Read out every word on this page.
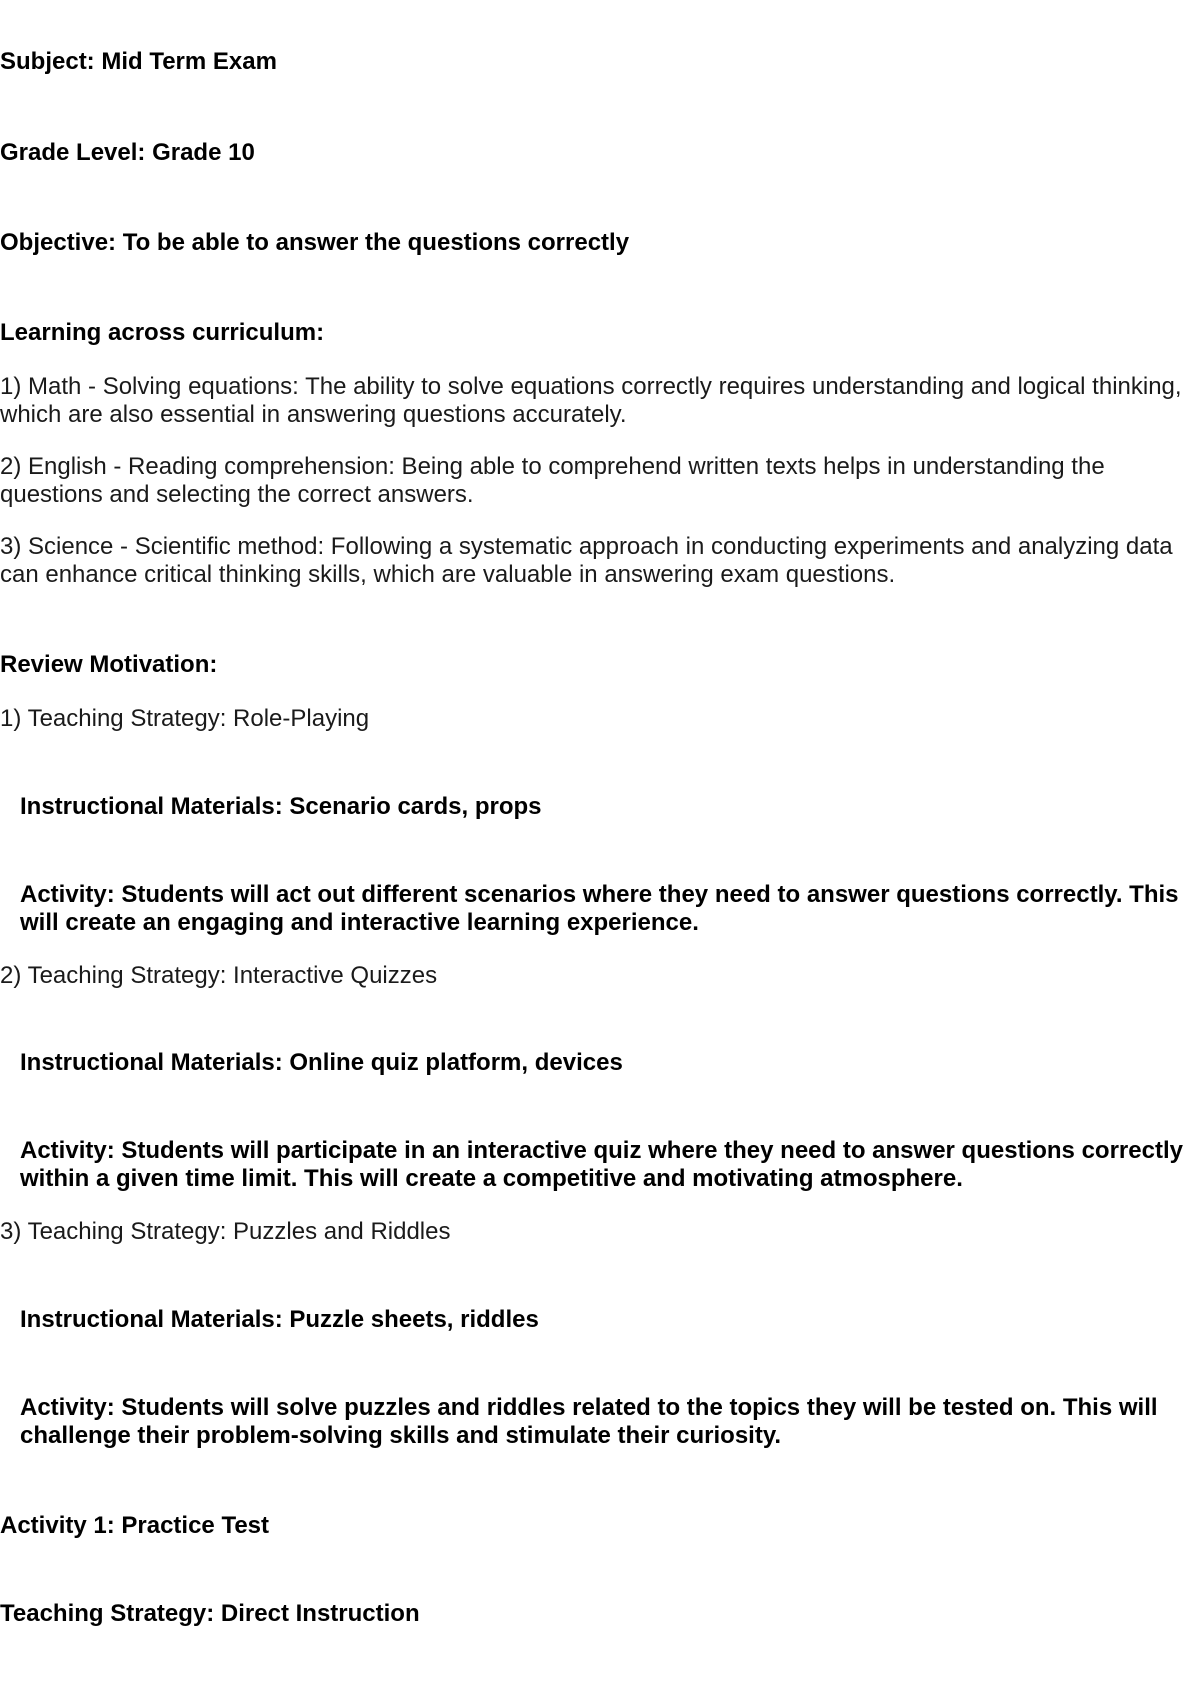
Subject: Mid Term Exam
Grade Level: Grade 10
Objective: To be able to answer the questions correctly
Learning across curriculum:
1) Math - Solving equations: The ability to solve equations correctly requires understanding and logical thinking, which are also essential in answering questions accurately.
2) English - Reading comprehension: Being able to comprehend written texts helps in understanding the questions and selecting the correct answers.
3) Science - Scientific method: Following a systematic approach in conducting experiments and analyzing data can enhance critical thinking skills, which are valuable in answering exam questions.
Review Motivation:
1) Teaching Strategy: Role-Playing
Instructional Materials: Scenario cards, props
Activity: Students will act out different scenarios where they need to answer questions correctly. This will create an engaging and interactive learning experience.
2) Teaching Strategy: Interactive Quizzes
Instructional Materials: Online quiz platform, devices
Activity: Students will participate in an interactive quiz where they need to answer questions correctly within a given time limit. This will create a competitive and motivating atmosphere.
3) Teaching Strategy: Puzzles and Riddles
Instructional Materials: Puzzle sheets, riddles
Activity: Students will solve puzzles and riddles related to the topics they will be tested on. This will challenge their problem-solving skills and stimulate their curiosity.
Activity 1: Practice Test
Teaching Strategy: Direct Instruction
